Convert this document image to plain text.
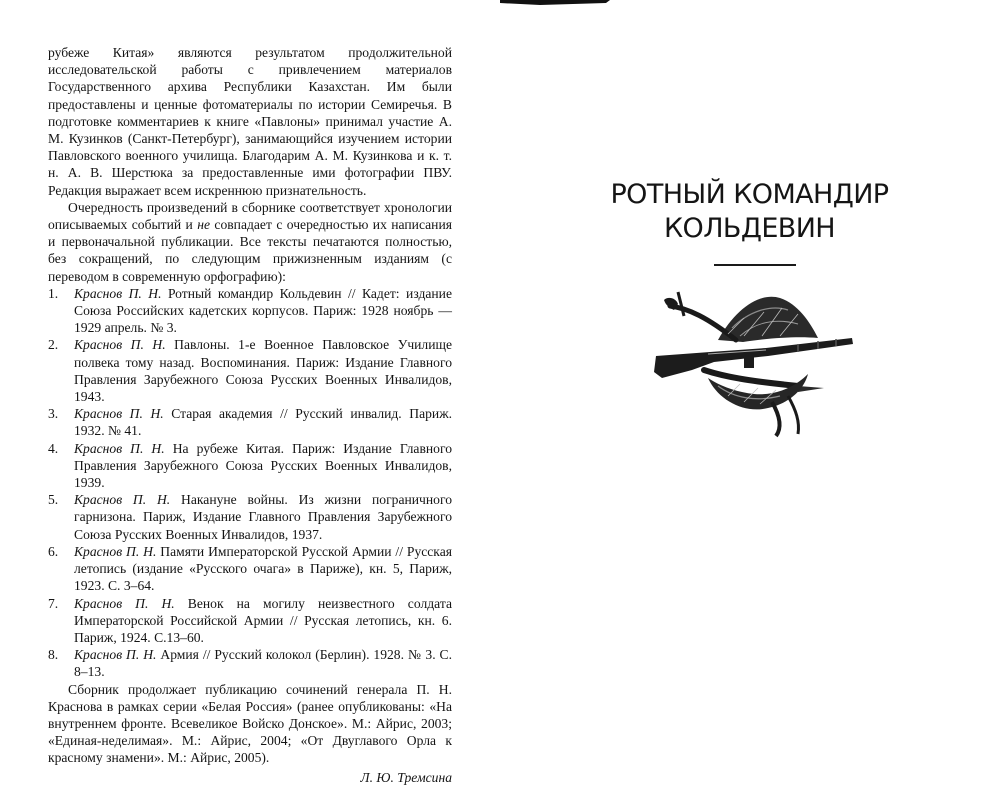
рубеже Китая» являются результатом продолжительной исследовательской работы с привлечением материалов Государственного архива Республики Казахстан. Им были предоставлены и ценные фотоматериалы по истории Семиречья. В подготовке комментариев к книге «Павлоны» принимал участие А. М. Кузинков (Санкт-Петербург), занимающийся изучением истории Павловского военного училища. Благодарим А. М. Кузинкова и к. т. н. А. В. Шерстюка за предоставленные ими фотографии ПВУ. Редакция выражает всем искреннюю признательность.

Очередность произведений в сборнике соответствует хронологии описываемых событий и не совпадает с очередностью их написания и первоначальной публикации. Все тексты печатаются полностью, без сокращений, по следующим прижизненным изданиям (с переводом в современную орфографию):

1. Краснов П. Н. Ротный командир Кольдевин // Кадет: издание Союза Российских кадетских корпусов. Париж: 1928 ноябрь — 1929 апрель. № 3.
2. Краснов П. Н. Павлоны. 1-е Военное Павловское Училище полвека тому назад. Воспоминания. Париж: Издание Главного Правления Зарубежного Союза Русских Военных Инвалидов, 1943.
3. Краснов П. Н. Старая академия // Русский инвалид. Париж. 1932. № 41.
4. Краснов П. Н. На рубеже Китая. Париж: Издание Главного Правления Зарубежного Союза Русских Военных Инвалидов, 1939.
5. Краснов П. Н. Накануне войны. Из жизни пограничного гарнизона. Париж, Издание Главного Правления Зарубежного Союза Русских Военных Инвалидов, 1937.
6. Краснов П. Н. Памяти Императорской Русской Армии // Русская летопись (издание «Русского очага» в Париже), кн. 5, Париж, 1923. С. 3–64.
7. Краснов П. Н. Венок на могилу неизвестного солдата Императорской Российской Армии // Русская летопись, кн. 6. Париж, 1924. С.13–60.
8. Краснов П. Н. Армия // Русский колокол (Берлин). 1928. № 3. С. 8–13.

Сборник продолжает публикацию сочинений генерала П. Н. Краснова в рамках серии «Белая Россия» (ранее опубликованы: «На внутреннем фронте. Всевеликое Войско Донское». М.: Айрис, 2003; «Единая-неделимая». М.: Айрис, 2004; «От Двуглавого Орла к красному знамени». М.: Айрис, 2005).

Л. Ю. Тремсина
РОТНЫЙ КОМАНДИР
КОЛЬДЕВИН
